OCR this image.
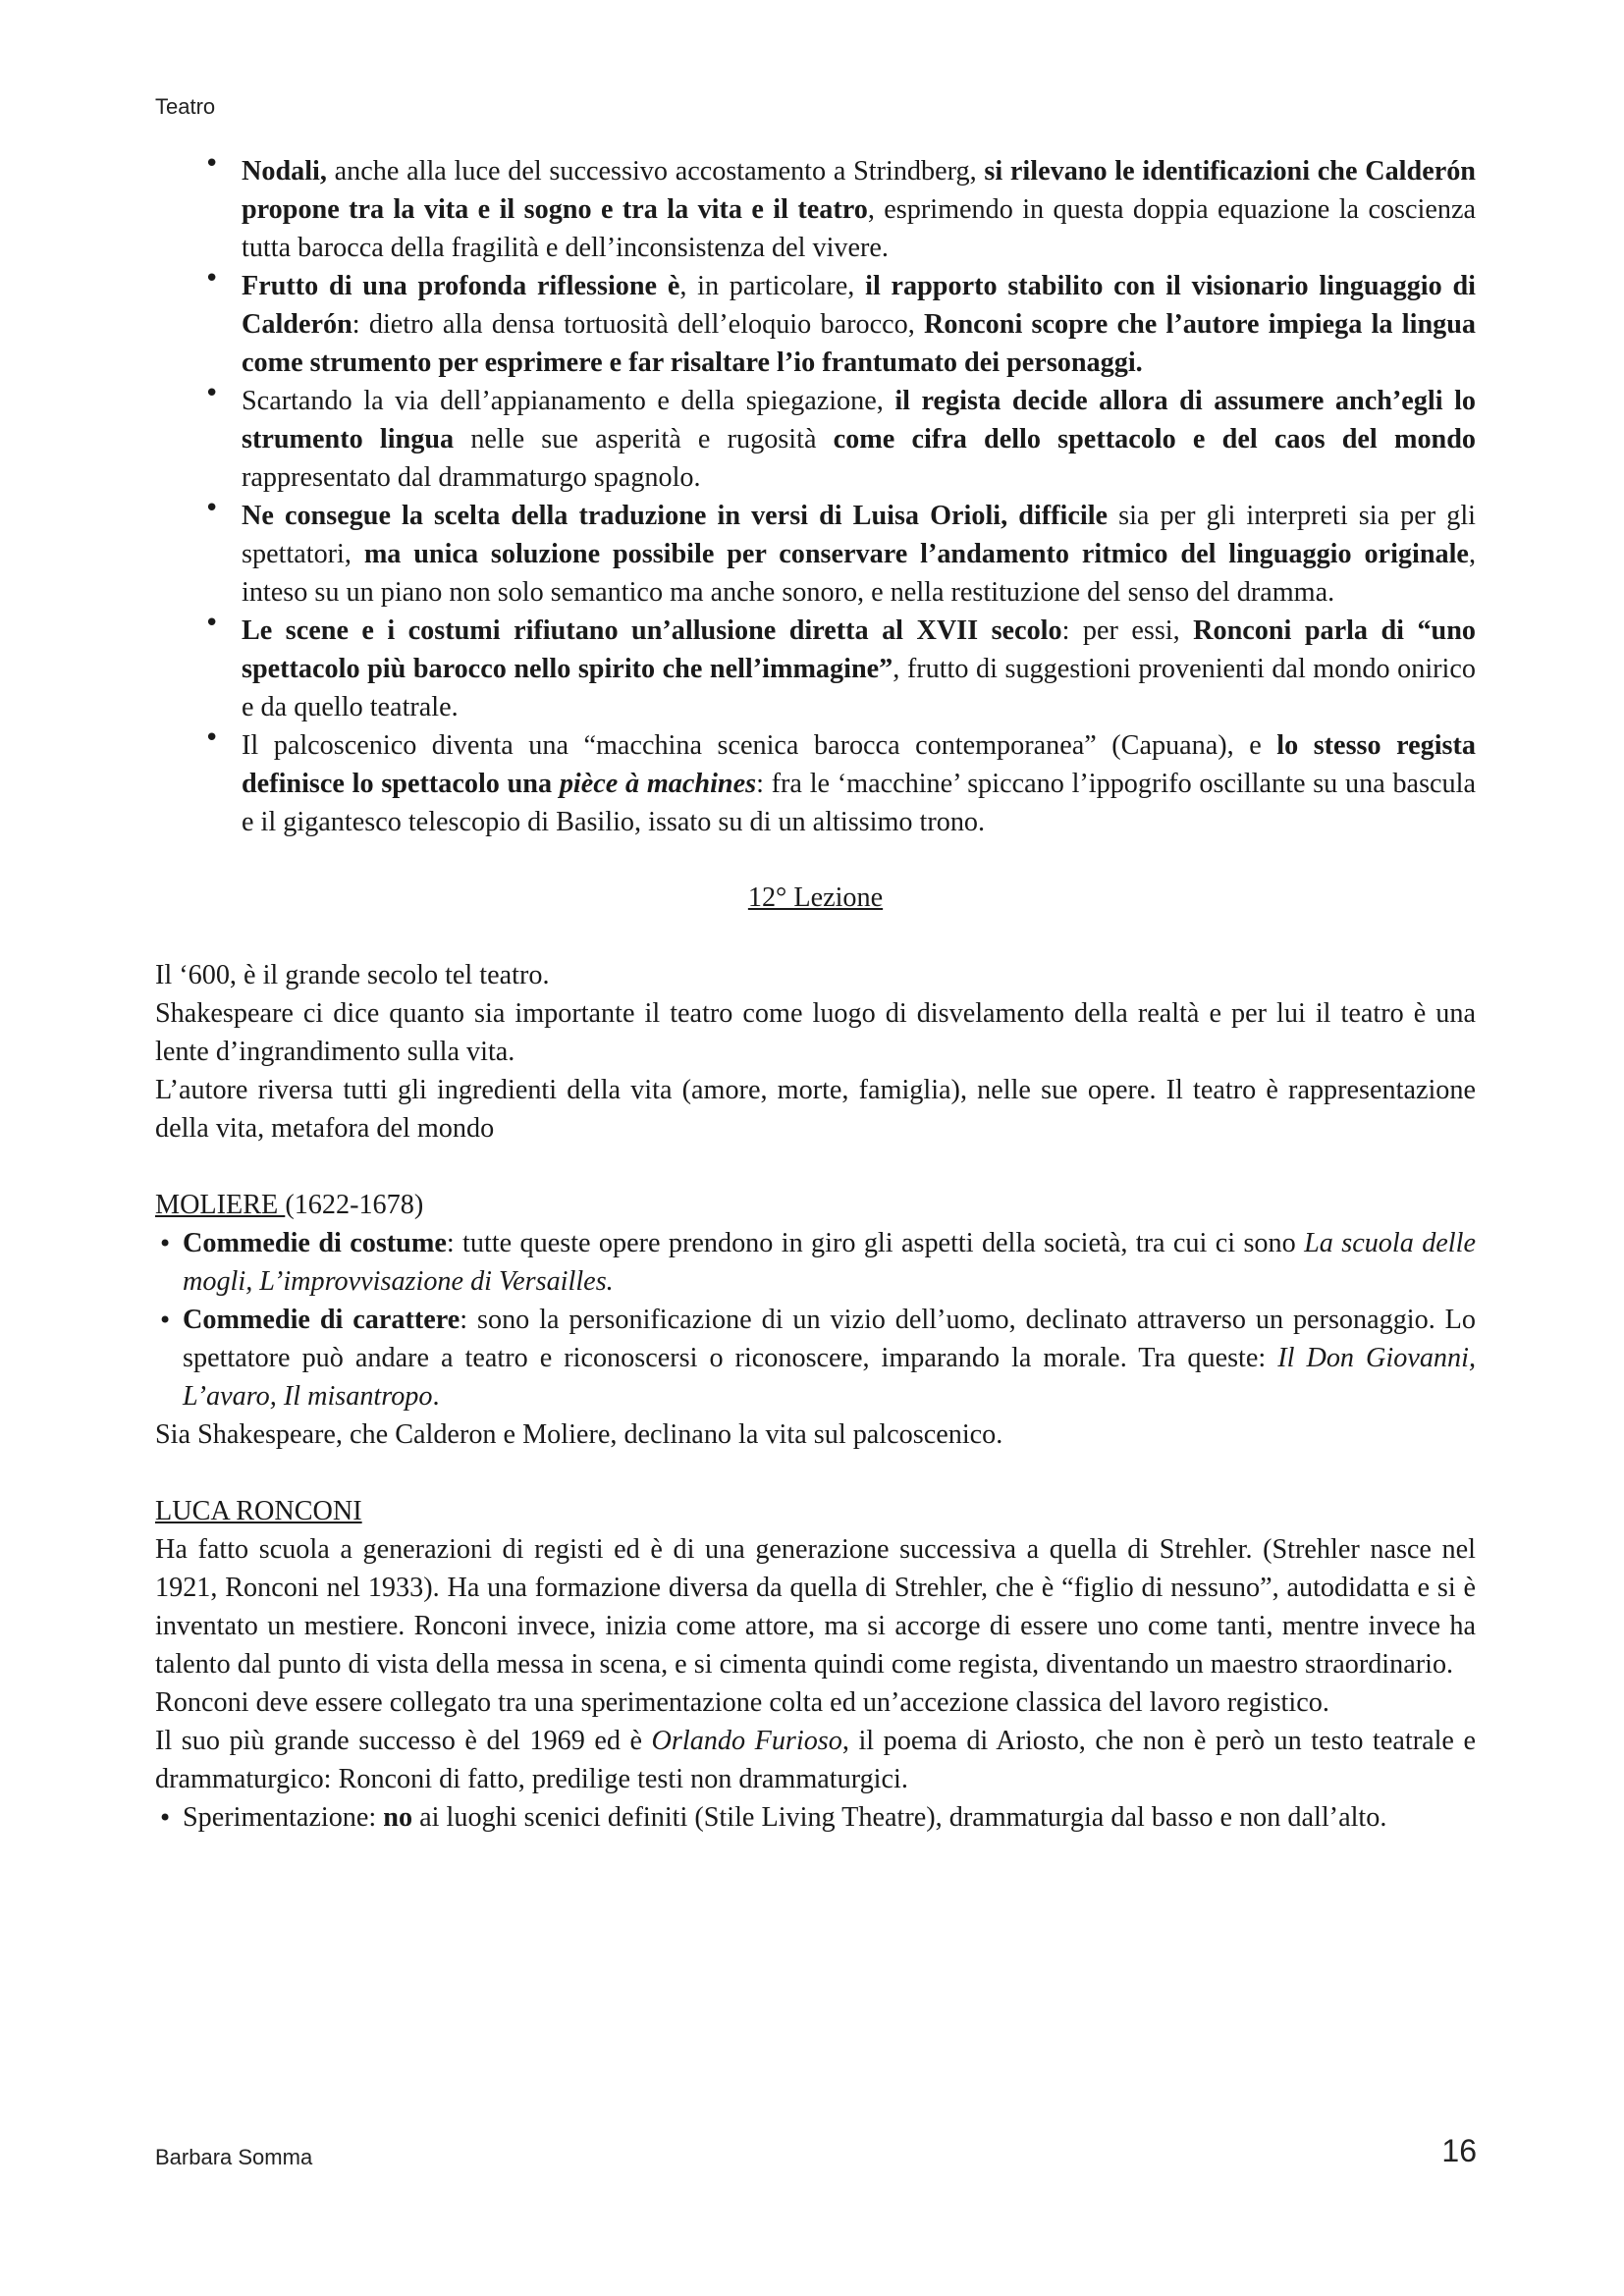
Teatro
• Nodali, anche alla luce del successivo accostamento a Strindberg, si rilevano le identificazioni che Calderón propone tra la vita e il sogno e tra la vita e il teatro, esprimendo in questa doppia equazione la coscienza tutta barocca della fragilità e dell’inconsistenza del vivere.
• Frutto di una profonda riflessione è, in particolare, il rapporto stabilito con il visionario linguaggio di Calderón: dietro alla densa tortuosità dell’eloquio barocco, Ronconi scopre che l’autore impiega la lingua come strumento per esprimere e far risaltare l’io frantumato dei personaggi.
• Scartando la via dell’appianamento e della spiegazione, il regista decide allora di assumere anch’egli lo strumento lingua nelle sue asperità e rugosità come cifra dello spettacolo e del caos del mondo rappresentato dal drammaturgo spagnolo.
• Ne consegue la scelta della traduzione in versi di Luisa Orioli, difficile sia per gli interpreti sia per gli spettatori, ma unica soluzione possibile per conservare l’andamento ritmico del linguaggio originale, inteso su un piano non solo semantico ma anche sonoro, e nella restituzione del senso del dramma.
• Le scene e i costumi rifiutano un’allusione diretta al XVII secolo: per essi, Ronconi parla di “uno spettacolo più barocco nello spirito che nell’immagine”, frutto di suggestioni provenienti dal mondo onirico e da quello teatrale.
• Il palcoscenico diventa una “macchina scenica barocca contemporanea” (Capuana), e lo stesso regista definisce lo spettacolo una pièce à machines: fra le ‘macchine’ spiccano l’ippogrifo oscillante su una bascula e il gigantesco telescopio di Basilio, issato su di un altissimo trono.
12° Lezione

Il ‘600, è il grande secolo tel teatro.

Shakespeare ci dice quanto sia importante il teatro come luogo di disvelamento della realtà e per lui il teatro è una lente d’ingrandimento sulla vita.

L’autore riversa tutti gli ingredienti della vita (amore, morte, famiglia), nelle sue opere. Il teatro è rappresentazione della vita, metafora del mondo

MOLIERE (1622-1678)

• Commedie di costume: tutte queste opere prendono in giro gli aspetti della società, tra cui ci sono La scuola delle mogli, L’improvvisazione di Versailles.
• Commedie di carattere: sono la personificazione di un vizio dell’uomo, declinato attraverso un personaggio. Lo spettatore può andare a teatro e riconoscersi o riconoscere, imparando la morale. Tra queste: Il Don Giovanni, L’avaro, Il misantropo.

Sia Shakespeare, che Calderon e Moliere, declinano la vita sul palcoscenico.

LUCA RONCONI

Ha fatto scuola a generazioni di registi ed è di una generazione successiva a quella di Strehler. (Strehler nasce nel 1921, Ronconi nel 1933). Ha una formazione diversa da quella di Strehler, che è “figlio di nessuno”, autodidatta e si è inventato un mestiere. Ronconi invece, inizia come attore, ma si accorge di essere uno come tanti, mentre invece ha talento dal punto di vista della messa in scena, e si cimenta quindi come regista, diventando un maestro straordinario.

Ronconi deve essere collegato tra una sperimentazione colta ed un’accezione classica del lavoro registico.

Il suo più grande successo è del 1969 ed è Orlando Furioso, il poema di Ariosto, che non è però un testo teatrale e drammaturgico: Ronconi di fatto, predilige testi non drammaturgici.

• Sperimentazione: no ai luoghi scenici definiti (Stile Living Theatre), drammaturgia dal basso e non dall’alto.
Barbara Somma	16
